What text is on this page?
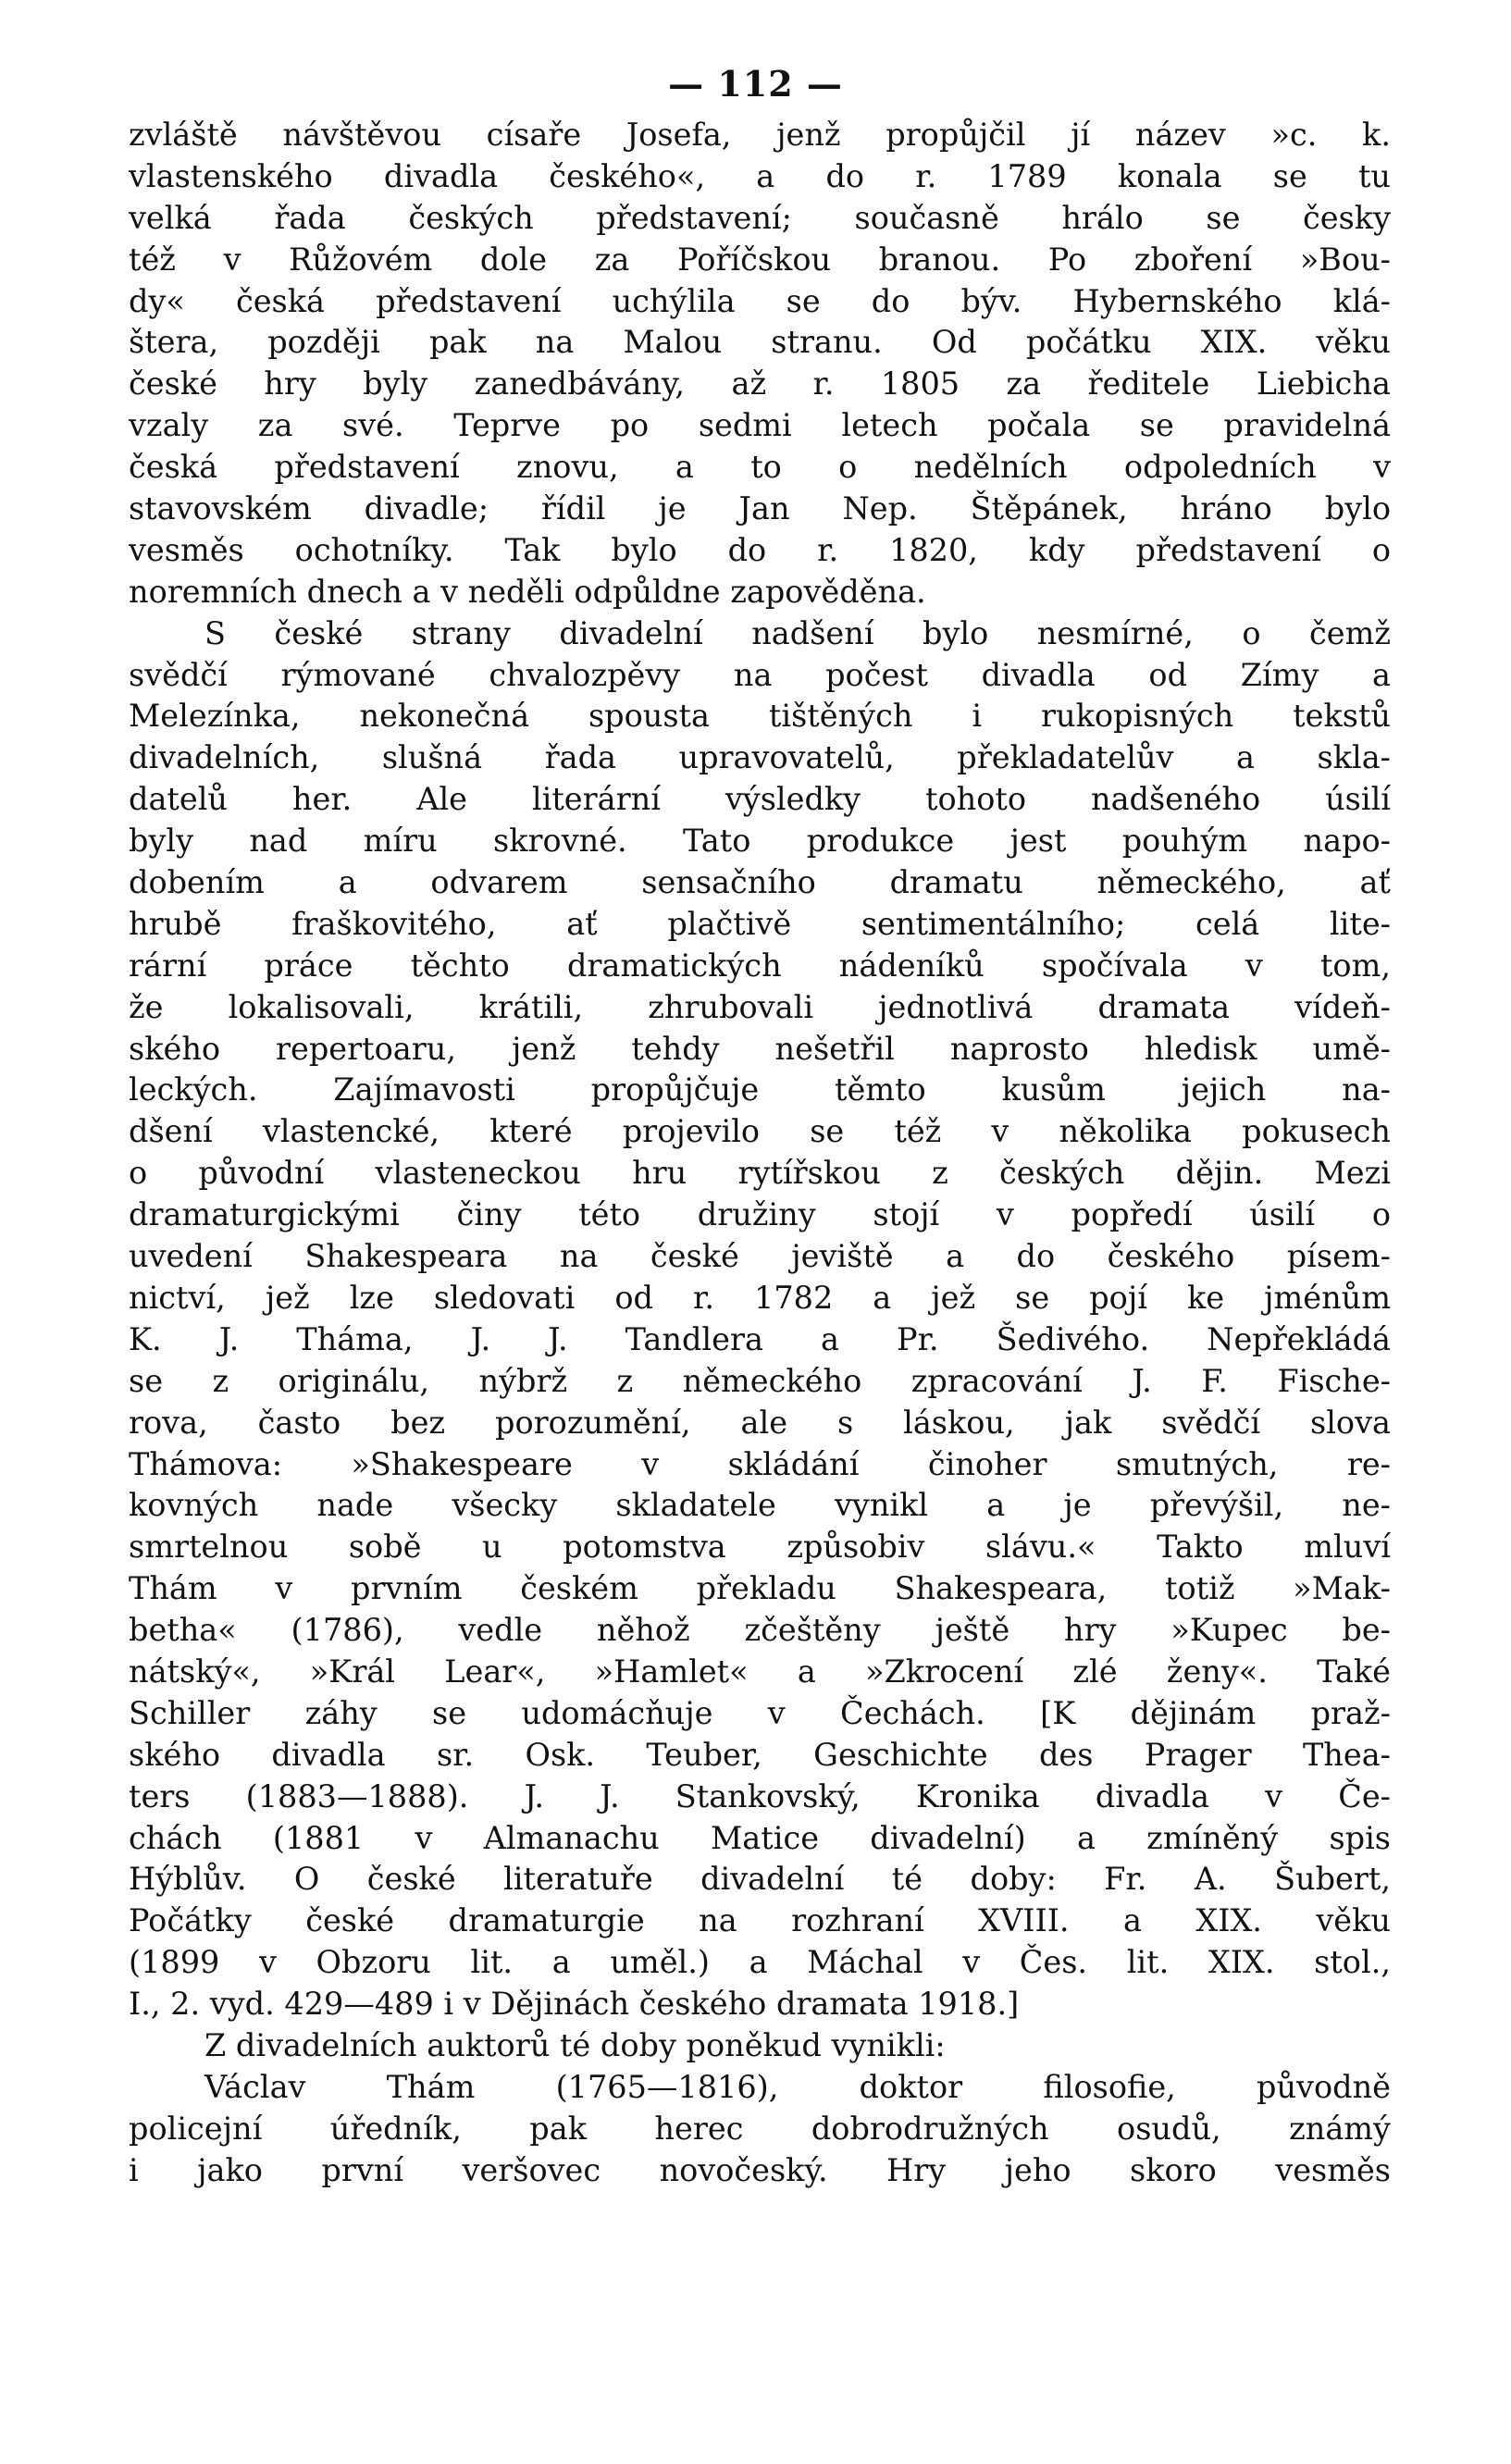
— 112 —
zvláště návštěvou císaře Josefa, jenž propůjčil jí název »c. k.
vlastenského divadla českého«, a do r. 1789 konala se tu
velká řada českých představení; současně hrálo se česky
též v Růžovém dole za Poříčskou branou. Po zboření »Bou-
dy« česká představení uchýlila se do býv. Hybernského klá-
štera, později pak na Malou stranu. Od počátku XIX. věku
české hry byly zanedbávány, až r. 1805 za ředitele Liebicha
vzaly za své. Teprve po sedmi letech počala se pravidelná
česká představení znovu, a to o nedělních odpoledních v
stavovském divadle; řídil je Jan Nep. Štěpánek, hráno bylo
vesměs ochotníky. Tak bylo do r. 1820, kdy představení o
noremních dnech a v neděli odpůldne zapověděna.
S české strany divadelní nadšení bylo nesmírné, o čemž
svědčí rýmované chvalozpěvy na počest divadla od Zímy a
Melezínka, nekonečná spousta tištěných i rukopisných tekstů
divadelních, slušná řada upravovatelů, překladatelův a skla-
datelů her. Ale literární výsledky tohoto nadšeného úsilí
byly nad míru skrovné. Tato produkce jest pouhým napo-
dobením a odvarem sensačního dramatu německého, ať
hrubě fraškovitého, ať plačtivě sentimentálního; celá lite-
rární práce těchto dramatických nádeníků spočívala v tom,
že lokalisovali, krátili, zhrubovali jednotlivá dramata vídeň-
ského repertoaru, jenž tehdy nešetřil naprosto hledisk umě-
leckých. Zajímavosti propůjčuje těmto kusům jejich na-
dšení vlastencké, které projevilo se též v několika pokusech
o původní vlasteneckou hru rytířskou z českých dějin. Mezi
dramaturgickými činy této družiny stojí v popředí úsilí o
uvedení Shakespeara na české jeviště a do českého písem-
nictví, jež lze sledovati od r. 1782 a jež se pojí ke jménům
K. J. Tháma, J. J. Tandlera a Pr. Šedivého. Nepřekládá
se z originálu, nýbrž z německého zpracování J. F. Fische-
rova, často bez porozumění, ale s láskou, jak svědčí slova
Thámova: »Shakespeare v skládání činoher smutných, re-
kovných nade všecky skladatele vynikl a je převýšil, ne-
smrtelnou sobě u potomstva způsobiv slávu.« Takto mluví
Thám v prvním českém překladu Shakespeara, totiž »Mak-
betha« (1786), vedle něhož zčeštěny ještě hry »Kupec be-
nátský«, »Král Lear«, »Hamlet« a »Zkrocení zlé ženy«. Také
Schiller záhy se udomácňuje v Čechách. [K dějinám praž-
ského divadla sr. Osk. Teuber, Geschichte des Prager Thea-
ters (1883—1888). J. J. Stankovský, Kronika divadla v Če-
chách (1881 v Almanachu Matice divadelní) a zmíněný spis
Hýblův. O české literatuře divadelní té doby: Fr. A. Šubert,
Počátky české dramaturgie na rozhraní XVIII. a XIX. věku
(1899 v Obzoru lit. a uměl.) a Máchal v Čes. lit. XIX. stol.,
I., 2. vyd. 429—489 i v Dějinách českého dramata 1918.]
Z divadelních auktorů té doby poněkud vynikli:
Václav Thám (1765—1816), doktor filosofie, původně
policejní úředník, pak herec dobrodružných osudů, známý
i jako první veršovec novočeský. Hry jeho skoro vesměs
